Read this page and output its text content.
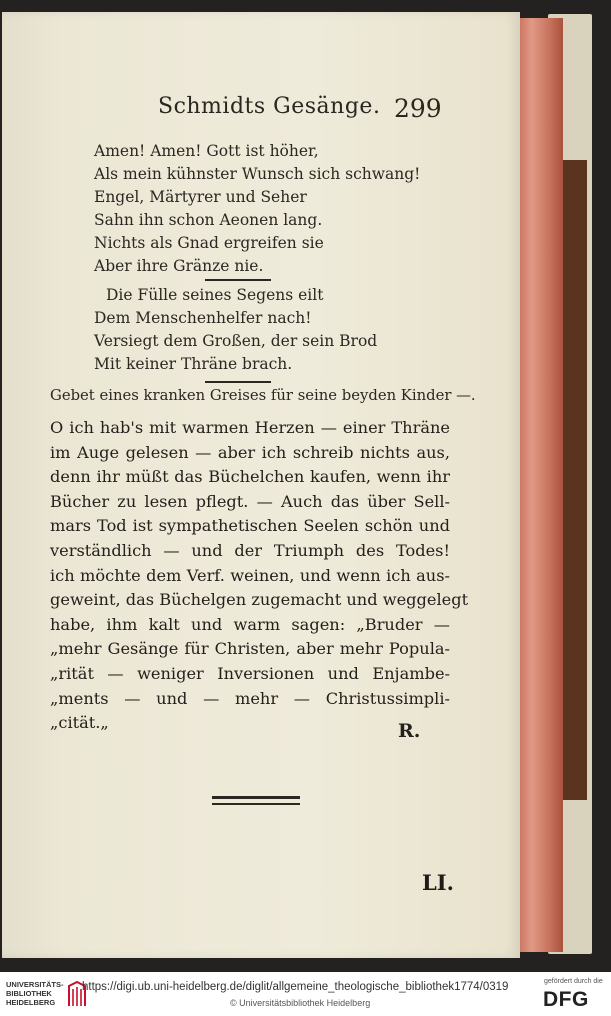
Schmidts Gesänge. 299
Amen! Amen! Gott ist höher,
Als mein kühnster Wunsch sich schwang!
Engel, Märtyrer und Seher
Sahn ihn schon Aeonen lang.
Nichts als Gnad ergreifen sie
Aber ihre Gränze nie.
Die Fülle seines Segens eilt
Dem Menschenhelfer nach!
Versiegt dem Großen, der sein Brod
Mit keiner Thräne brach.
Gebet eines kranken Greises für seine beyden Kinder —.
O ich hab's mit warmen Herzen — einer Thräne
im Auge gelesen — aber ich schreib nichts aus,
denn ihr müßt das Büchelchen kaufen, wenn ihr
Bücher zu lesen pflegt. — Auch das über Sell-
mars Tod ist sympathetischen Seelen schön und
verständlich — und der Triumph des Todes!
ich möchte dem Verf. weinen, und wenn ich aus-
geweint, das Büchelgen zugemacht und weggelegt
habe, ihm kalt und warm sagen: „Bruder —
„mehr Gesänge für Christen, aber mehr Popula-
„rität — weniger Inversionen und Enjambe-
„ments — und — mehr — Christussimpli-
„cität.„	R.
LI.
UNIVERSITÄTS-
BIBLIOTHEK
HEIDELBERG
https://digi.ub.uni-heidelberg.de/diglit/allgemeine_theologische_bibliothek1774/0319
© Universitätsbibliothek Heidelberg
gefördert durch die
DFG
